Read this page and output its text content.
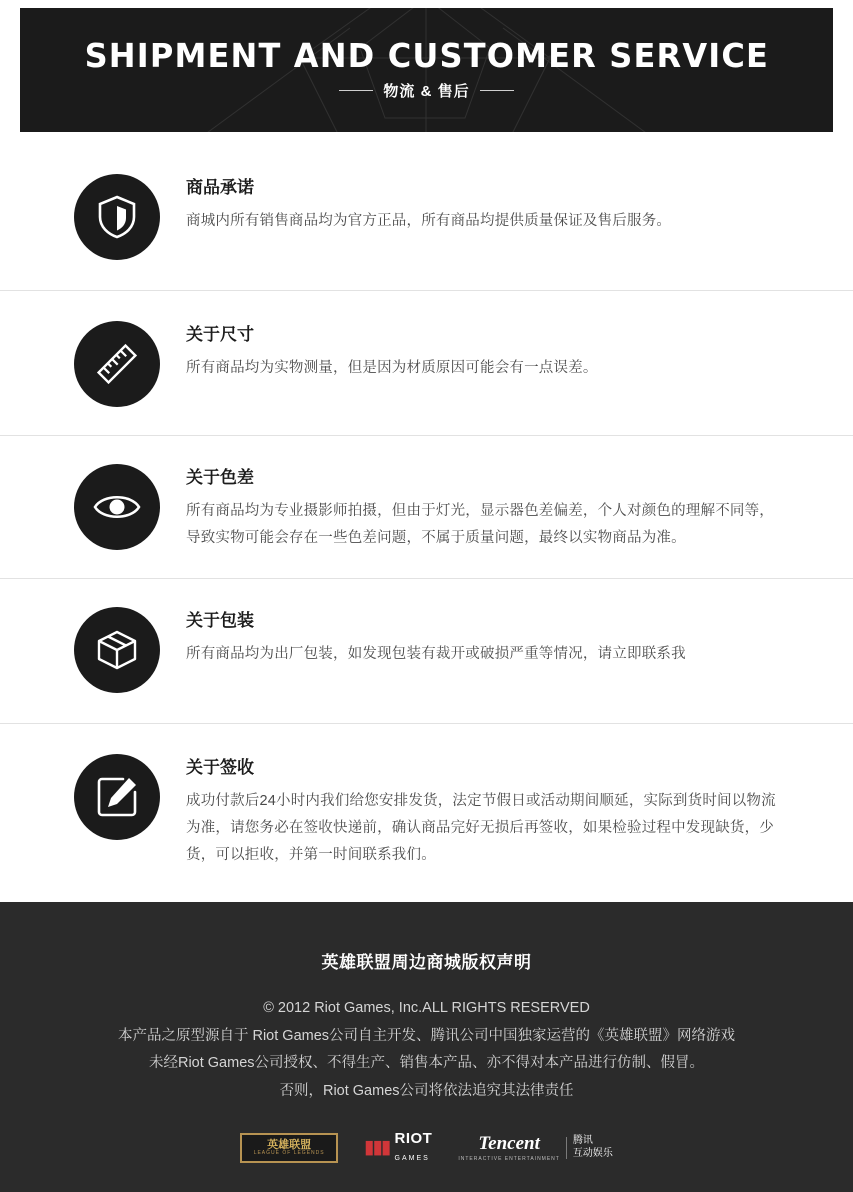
SHIPMENT AND CUSTOMER SERVICE
物流 & 售后
商品承诺

商城内所有销售商品均为官方正品，所有商品均提供质量保证及售后服务。

关于尺寸

所有商品均为实物测量，但是因为材质原因可能会有一点误差。

关于色差

所有商品均为专业摄影师拍摄，但由于灯光，显示器色差偏差，个人对颜色的理解不同等，导致实物可能会存在一些色差问题，不属于质量问题，最终以实物商品为准。

关于包装

所有商品均为出厂包装，如发现包装有裁开或破损严重等情况，请立即联系我

关于签收

成功付款后24小时内我们给您安排发货，法定节假日或活动期间顺延，实际到货时间以物流为准，请您务必在签收快递前，确认商品完好无损后再签收，如果检验过程中发现缺货，少货，可以拒收，并第一时间联系我们。

英雄联盟周边商城版权声明

© 2012 Riot Games, Inc.ALL RIGHTS RESERVED

本产品之原型源自于 Riot Games公司自主开发、腾讯公司中国独家运营的《英雄联盟》网络游戏

未经Riot Games公司授权、不得生产、销售本产品、亦不得对本产品进行仿制、假冒。

否则，Riot Games公司将依法追究其法律责任

英雄联盟
LEAGUE OF LEGENDS ▮▮▮ RIOT
GAMES
Tencent
INTERACTIVE ENTERTAINMENT
腾讯
互动娱乐
